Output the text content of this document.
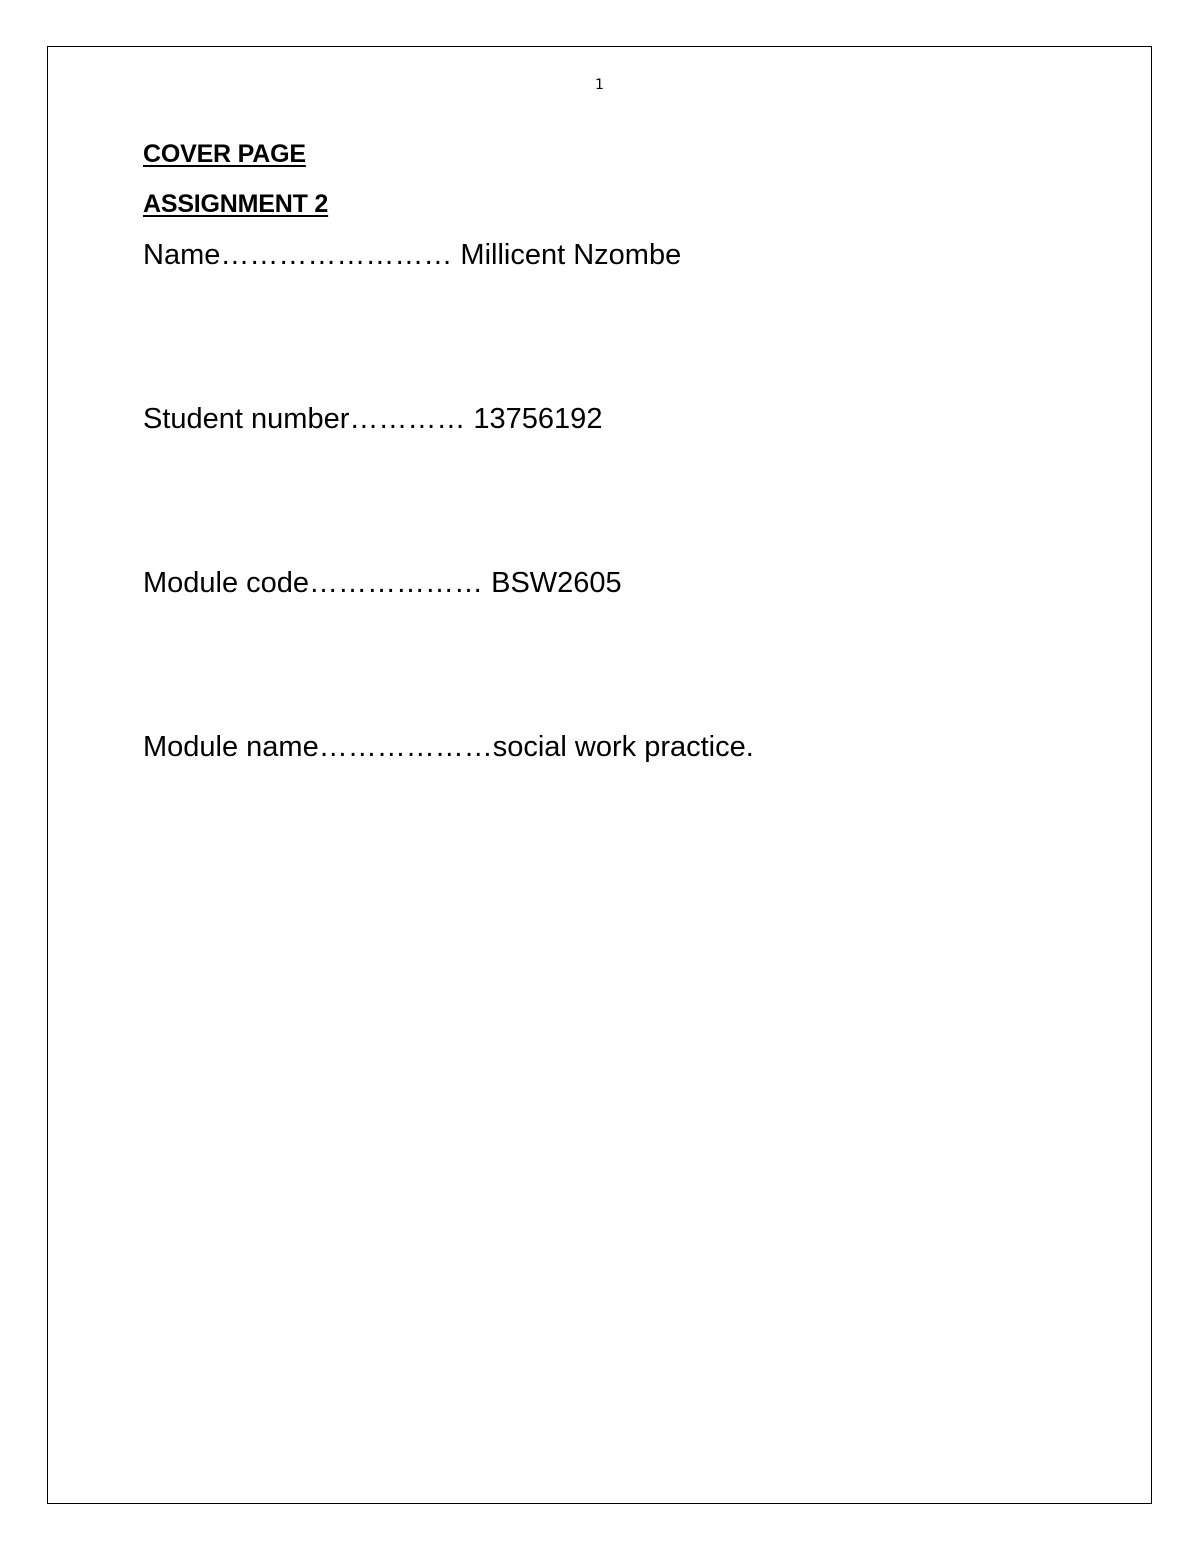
1

COVER PAGE

ASSIGNMENT 2

Name…………………… Millicent Nzombe

Student number………… 13756192

Module code……………… BSW2605

Module name………………social work practice.
